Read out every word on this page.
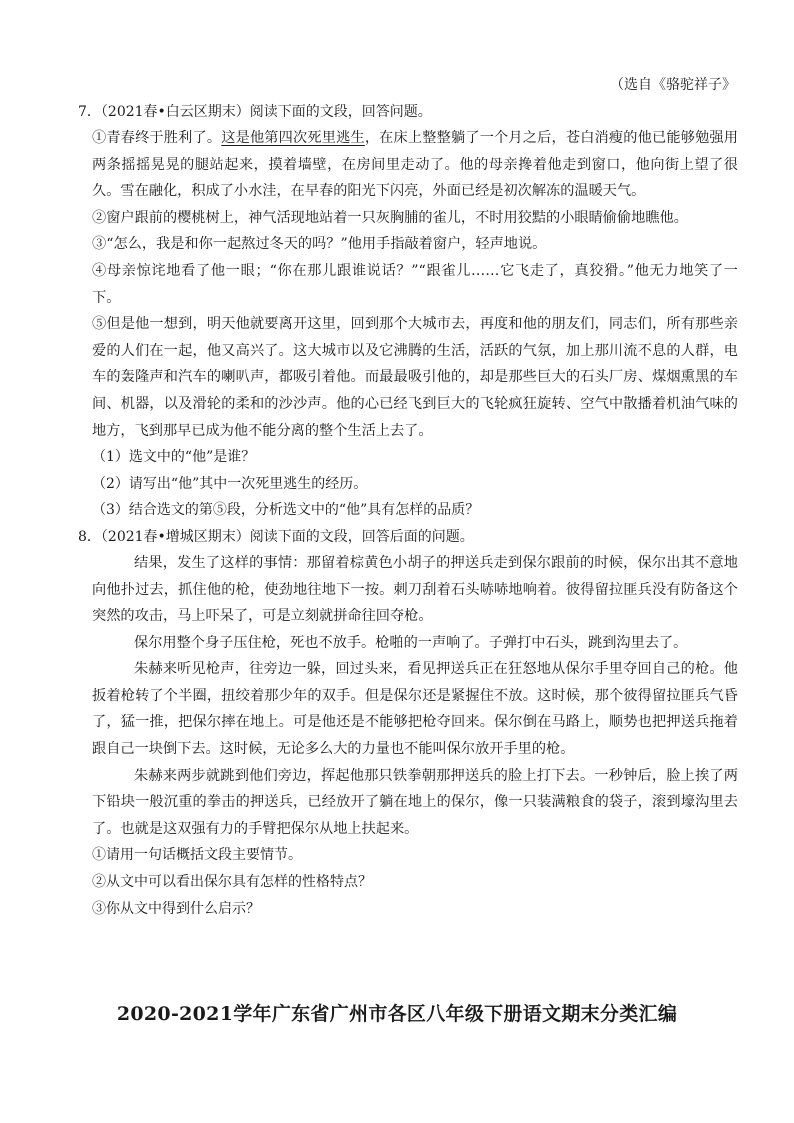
（选自《骆驼祥子》

7．（2021春•白云区期末）阅读下面的文段，回答问题。

①青春终于胜利了。这是他第四次死里逃生，在床上整整躺了一个月之后，苍白消瘦的他已能够勉强用两条摇摇晃晃的腿站起来，摸着墙壁，在房间里走动了。他的母亲搀着他走到窗口，他向街上望了很久。雪在融化，积成了小水洼，在早春的阳光下闪亮，外面已经是初次解冻的温暖天气。

②窗户跟前的樱桃树上，神气活现地站着一只灰胸脯的雀儿，不时用狡黠的小眼睛偷偷地瞧他。

③“怎么，我是和你一起熬过冬天的吗？”他用手指敲着窗户，轻声地说。

④母亲惊诧地看了他一眼；“你在那儿跟谁说话？”“跟雀儿……它飞走了，真狡猾。”他无力地笑了一下。

⑤但是他一想到，明天他就要离开这里，回到那个大城市去，再度和他的朋友们，同志们，所有那些亲爱的人们在一起，他又高兴了。这大城市以及它沸腾的生活，活跃的气氛，加上那川流不息的人群，电车的轰隆声和汽车的喇叭声，都吸引着他。而最最吸引他的，却是那些巨大的石头厂房、煤烟熏黑的车间、机器，以及滑轮的柔和的沙沙声。他的心已经飞到巨大的飞轮疯狂旋转、空气中散播着机油气味的地方，飞到那早已成为他不能分离的整个生活上去了。

（1）选文中的“他”是谁？

（2）请写出“他”其中一次死里逃生的经历。

（3）结合选文的第⑤段，分析选文中的“他”具有怎样的品质？

8．（2021春•增城区期末）阅读下面的文段，回答后面的问题。

结果，发生了这样的事情：那留着棕黄色小胡子的押送兵走到保尔跟前的时候，保尔出其不意地向他扑过去，抓住他的枪，使劲地往地下一按。刺刀刮着石头哧哧地响着。彼得留拉匪兵没有防备这个突然的攻击，马上吓呆了，可是立刻就拼命往回夺枪。

保尔用整个身子压住枪，死也不放手。枪啪的一声响了。子弹打中石头，跳到沟里去了。

朱赫来听见枪声，往旁边一躲，回过头来，看见押送兵正在狂怒地从保尔手里夺回自己的枪。他扳着枪转了个半圈，扭绞着那少年的双手。但是保尔还是紧握住不放。这时候，那个彼得留拉匪兵气昏了，猛一推，把保尔摔在地上。可是他还是不能够把枪夺回来。保尔倒在马路上，顺势也把押送兵拖着跟自己一块倒下去。这时候，无论多么大的力量也不能叫保尔放开手里的枪。

朱赫来两步就跳到他们旁边，挥起他那只铁拳朝那押送兵的脸上打下去。一秒钟后，脸上挨了两下铅块一般沉重的拳击的押送兵，已经放开了躺在地上的保尔，像一只装满粮食的袋子，滚到壕沟里去了。也就是这双强有力的手臂把保尔从地上扶起来。

①请用一句话概括文段主要情节。

②从文中可以看出保尔具有怎样的性格特点？

③你从文中得到什么启示？

2020-2021学年广东省广州市各区八年级下册语文期末分类汇编
